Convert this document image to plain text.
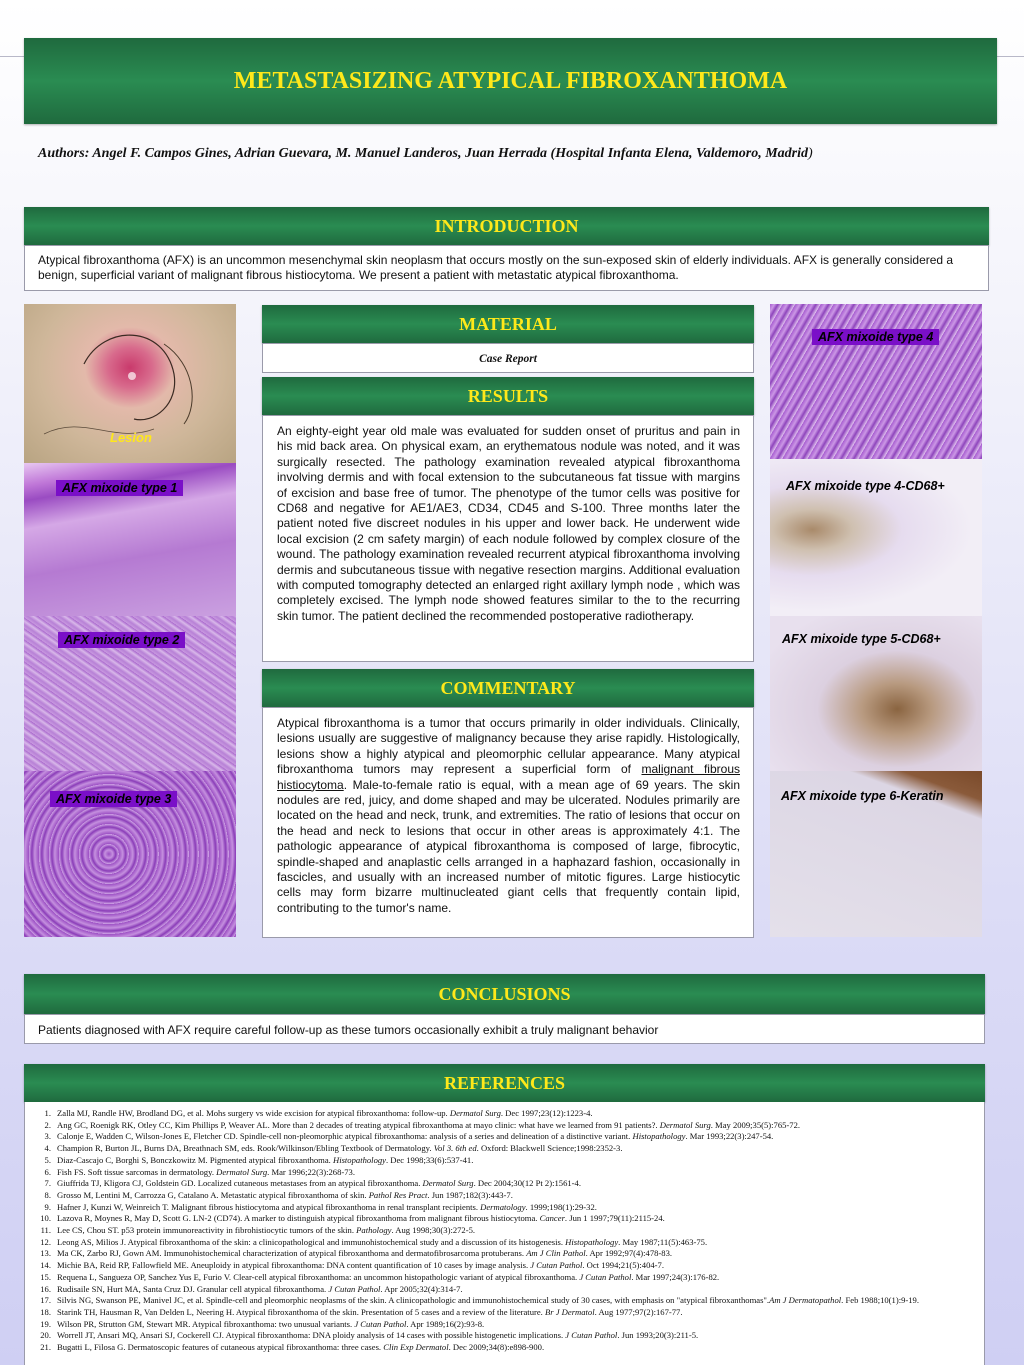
METASTASIZING ATYPICAL FIBROXANTHOMA
Authors: Angel F. Campos Gines, Adrian Guevara, M. Manuel Landeros, Juan Herrada (Hospital Infanta Elena, Valdemoro, Madrid)
INTRODUCTION
Atypical fibroxanthoma (AFX) is an uncommon mesenchymal skin neoplasm that occurs mostly on the sun-exposed skin of elderly individuals. AFX is generally considered a benign, superficial variant of malignant fibrous histiocytoma. We present a patient with metastatic atypical fibroxanthoma.
Lesion
AFX mixoide type 1
AFX mixoide type 2
AFX mixoide type 3
MATERIAL
Case Report
RESULTS
An eighty-eight year old male was evaluated for sudden onset of pruritus and pain in his mid back area. On physical exam, an erythematous nodule was noted, and it was surgically resected. The pathology examination revealed atypical fibroxanthoma involving dermis and with focal extension to the subcutaneous fat tissue with margins of excision and base free of tumor. The phenotype of the tumor cells was positive for CD68 and negative for AE1/AE3, CD34, CD45 and S-100. Three months later the patient noted five discreet nodules in his upper and lower back. He underwent wide local excision (2 cm safety margin) of each nodule followed by complex closure of the wound. The pathology examination revealed recurrent atypical fibroxanthoma involving dermis and subcutaneous tissue with negative resection margins. Additional evaluation with computed tomography detected an enlarged right axillary lymph node , which was completely excised. The lymph node showed features similar to the to the recurring skin tumor. The patient declined the recommended postoperative radiotherapy.
COMMENTARY
Atypical fibroxanthoma is a tumor that occurs primarily in older individuals. Clinically, lesions usually are suggestive of malignancy because they arise rapidly. Histologically, lesions show a highly atypical and pleomorphic cellular appearance. Many atypical fibroxanthoma tumors may represent a superficial form of malignant fibrous histiocytoma. Male-to-female ratio is equal, with a mean age of 69 years. The skin nodules are red, juicy, and dome shaped and may be ulcerated. Nodules primarily are located on the head and neck, trunk, and extremities. The ratio of lesions that occur on the head and neck to lesions that occur in other areas is approximately 4:1. The pathologic appearance of atypical fibroxanthoma is composed of large, fibrocytic, spindle-shaped and anaplastic cells arranged in a haphazard fashion, occasionally in fascicles, and usually with an increased number of mitotic figures. Large histiocytic cells may form bizarre multinucleated giant cells that frequently contain lipid, contributing to the tumor's name.
AFX mixoide type 4
AFX mixoide type 4-CD68+
AFX mixoide type 5-CD68+
AFX mixoide type 6-Keratin
CONCLUSIONS
Patients diagnosed with AFX require careful follow-up as these tumors occasionally exhibit a truly malignant behavior
REFERENCES
1. Zalla MJ, Randle HW, Brodland DG, et al. Mohs surgery vs wide excision for atypical fibroxanthoma: follow-up. Dermatol Surg. Dec 1997;23(12):1223-4.
2. Ang GC, Roenigk RK, Otley CC, Kim Phillips P, Weaver AL. More than 2 decades of treating atypical fibroxanthoma at mayo clinic: what have we learned from 91 patients?. Dermatol Surg. May 2009;35(5):765-72.
3. Calonje E, Wadden C, Wilson-Jones E, Fletcher CD. Spindle-cell non-pleomorphic atypical fibroxanthoma: analysis of a series and delineation of a distinctive variant. Histopathology. Mar 1993;22(3):247-54.
4. Champion R, Burton JL, Burns DA, Breathnach SM, eds. Rook/Wilkinson/Ebling Textbook of Dermatology. Vol 3. 6th ed. Oxford: Blackwell Science;1998:2352-3.
5. Diaz-Cascajo C, Borghi S, Bonczkowitz M. Pigmented atypical fibroxanthoma. Histopathology. Dec 1998;33(6):537-41.
6. Fish FS. Soft tissue sarcomas in dermatology. Dermatol Surg. Mar 1996;22(3):268-73.
7. Giuffrida TJ, Kligora CJ, Goldstein GD. Localized cutaneous metastases from an atypical fibroxanthoma. Dermatol Surg. Dec 2004;30(12 Pt 2):1561-4.
8. Grosso M, Lentini M, Carrozza G, Catalano A. Metastatic atypical fibroxanthoma of skin. Pathol Res Pract. Jun 1987;182(3):443-7.
9. Hafner J, Kunzi W, Weinreich T. Malignant fibrous histiocytoma and atypical fibroxanthoma in renal transplant recipients. Dermatology. 1999;198(1):29-32.
10. Lazova R, Moynes R, May D, Scott G. LN-2 (CD74). A marker to distinguish atypical fibroxanthoma from malignant fibrous histiocytoma. Cancer. Jun 1 1997;79(11):2115-24.
11. Lee CS, Chou ST. p53 protein immunoreactivity in fibrohistiocytic tumors of the skin. Pathology. Aug 1998;30(3):272-5.
12. Leong AS, Milios J. Atypical fibroxanthoma of the skin: a clinicopathological and immunohistochemical study and a discussion of its histogenesis. Histopathology. May 1987;11(5):463-75.
13. Ma CK, Zarbo RJ, Gown AM. Immunohistochemical characterization of atypical fibroxanthoma and dermatofibrosarcoma protuberans. Am J Clin Pathol. Apr 1992;97(4):478-83.
14. Michie BA, Reid RP, Fallowfield ME. Aneuploidy in atypical fibroxanthoma: DNA content quantification of 10 cases by image analysis. J Cutan Pathol. Oct 1994;21(5):404-7.
15. Requena L, Sangueza OP, Sanchez Yus E, Furio V. Clear-cell atypical fibroxanthoma: an uncommon histopathologic variant of atypical fibroxanthoma. J Cutan Pathol. Mar 1997;24(3):176-82.
16. Rudisaile SN, Hurt MA, Santa Cruz DJ. Granular cell atypical fibroxanthoma. J Cutan Pathol. Apr 2005;32(4):314-7.
17. Silvis NG, Swanson PE, Manivel JC, et al. Spindle-cell and pleomorphic neoplasms of the skin. A clinicopathologic and immunohistochemical study of 30 cases, with emphasis on "atypical fibroxanthomas".Am J Dermatopathol. Feb 1988;10(1):9-19.
18. Starink TH, Hausman R, Van Delden L, Neering H. Atypical fibroxanthoma of the skin. Presentation of 5 cases and a review of the literature. Br J Dermatol. Aug 1977;97(2):167-77.
19. Wilson PR, Strutton GM, Stewart MR. Atypical fibroxanthoma: two unusual variants. J Cutan Pathol. Apr 1989;16(2):93-8.
20. Worrell JT, Ansari MQ, Ansari SJ, Cockerell CJ. Atypical fibroxanthoma: DNA ploidy analysis of 14 cases with possible histogenetic implications. J Cutan Pathol. Jun 1993;20(3):211-5.
21. Bugatti L, Filosa G. Dermatoscopic features of cutaneous atypical fibroxanthoma: three cases. Clin Exp Dermatol. Dec 2009;34(8):e898-900.
